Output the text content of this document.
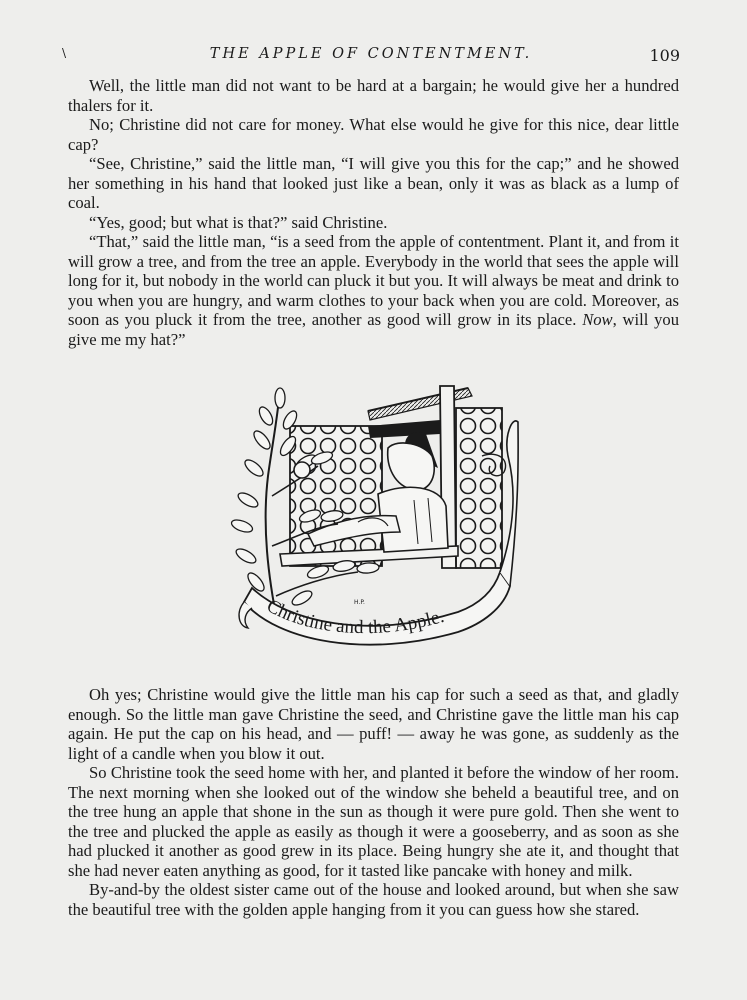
\	THE APPLE OF CONTENTMENT.	109

Well, the little man did not want to be hard at a bargain; he would give her a hundred thalers for it.

No; Christine did not care for money. What else would he give for this nice, dear little cap?

“See, Christine,” said the little man, “I will give you this for the cap;” and he showed her something in his hand that looked just like a bean, only it was as black as a lump of coal.

“Yes, good; but what is that?” said Christine.

“That,” said the little man, “is a seed from the apple of contentment. Plant it, and from it will grow a tree, and from the tree an apple. Everybody in the world that sees the apple will long for it, but nobody in the world can pluck it but you. It will always be meat and drink to you when you are hungry, and warm clothes to your back when you are cold. Moreover, as soon as you pluck it from the tree, another as good will grow in its place. Now, will you give me my hat?”

Christine and the Apple.
H.P.

Oh yes; Christine would give the little man his cap for such a seed as that, and gladly enough. So the little man gave Christine the seed, and Christine gave the little man his cap again. He put the cap on his head, and — puff! — away he was gone, as suddenly as the light of a candle when you blow it out.

So Christine took the seed home with her, and planted it before the window of her room. The next morning when she looked out of the window she beheld a beautiful tree, and on the tree hung an apple that shone in the sun as though it were pure gold. Then she went to the tree and plucked the apple as easily as though it were a gooseberry, and as soon as she had plucked it another as good grew in its place. Being hungry she ate it, and thought that she had never eaten anything as good, for it tasted like pancake with honey and milk.

By-and-by the oldest sister came out of the house and looked around, but when she saw the beautiful tree with the golden apple hanging from it you can guess how she stared.
